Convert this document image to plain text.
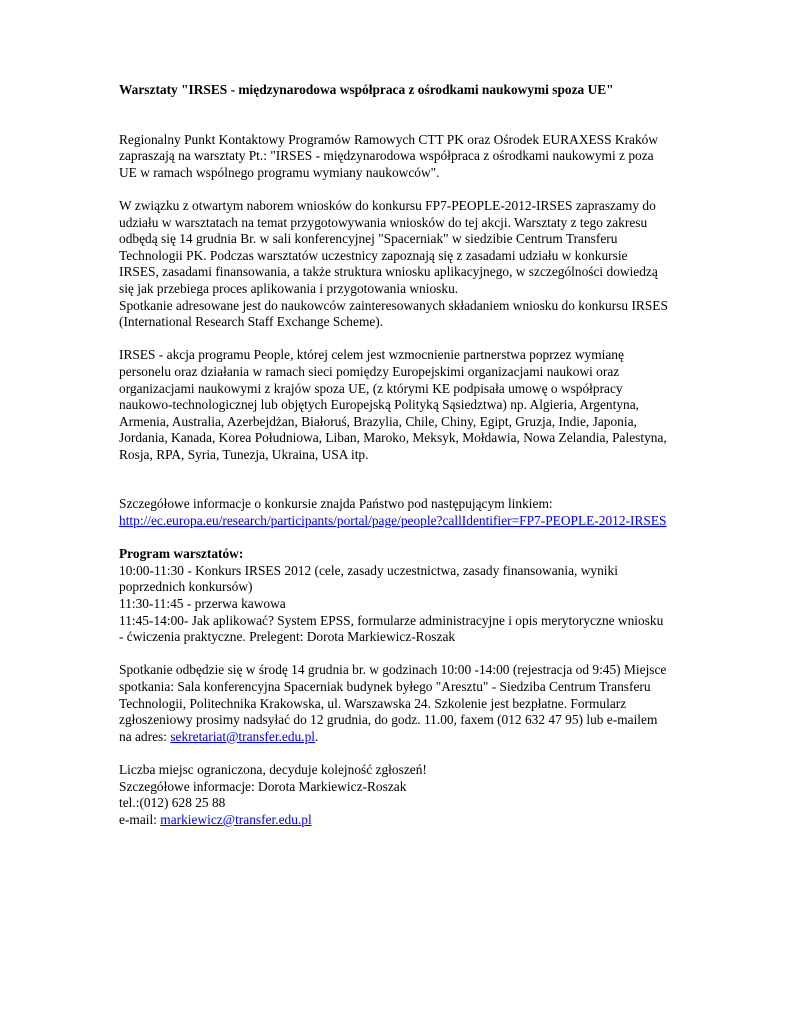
Warsztaty "IRSES - międzynarodowa współpraca z ośrodkami naukowymi spoza UE"

Regionalny Punkt Kontaktowy Programów Ramowych CTT PK oraz Ośrodek EURAXESS Kraków
zapraszają na warsztaty Pt.: "IRSES - międzynarodowa współpraca z ośrodkami naukowymi z poza
UE w ramach wspólnego programu wymiany naukowców".
W związku z otwartym naborem wniosków do konkursu FP7-PEOPLE-2012-IRSES zapraszamy do
udziału w warsztatach na temat przygotowywania wniosków do tej akcji. Warsztaty z tego zakresu
odbędą się 14 grudnia Br. w sali konferencyjnej "Spacerniak" w siedzibie Centrum Transferu
Technologii PK. Podczas warsztatów uczestnicy zapoznają się z zasadami udziału w konkursie
IRSES, zasadami finansowania, a także struktura wniosku aplikacyjnego, w szczególności dowiedzą
się jak przebiega proces aplikowania i przygotowania wniosku.
Spotkanie adresowane jest do naukowców zainteresowanych składaniem wniosku do konkursu IRSES
(International Research Staff Exchange Scheme).
IRSES - akcja programu People, której celem jest wzmocnienie partnerstwa poprzez wymianę
personelu oraz działania w ramach sieci pomiędzy Europejskimi organizacjami naukowi oraz
organizacjami naukowymi z krajów spoza UE, (z którymi KE podpisała umowę o współpracy
naukowo-technologicznej lub objętych Europejską Polityką Sąsiedztwa) np. Algieria, Argentyna,
Armenia, Australia, Azerbejdżan, Białoruś, Brazylia, Chile, Chiny, Egipt, Gruzja, Indie, Japonia,
Jordania, Kanada, Korea Południowa, Liban, Maroko, Meksyk, Mołdawia, Nowa Zelandia, Palestyna,
Rosja, RPA, Syria, Tunezja, Ukraina, USA itp.
Szczegółowe informacje o konkursie znajda Państwo pod następującym linkiem:
http://ec.europa.eu/research/participants/portal/page/people?callIdentifier=FP7-PEOPLE-2012-IRSES
Program warsztatów:
10:00-11:30 - Konkurs IRSES 2012 (cele, zasady uczestnictwa, zasady finansowania, wyniki
poprzednich konkursów)
11:30-11:45 - przerwa kawowa
11:45-14:00- Jak aplikować? System EPSS, formularze administracyjne i opis merytoryczne wniosku
- ćwiczenia praktyczne. Prelegent: Dorota Markiewicz-Roszak
Spotkanie odbędzie się w środę 14 grudnia br. w godzinach 10:00 -14:00 (rejestracja od 9:45) Miejsce
spotkania: Sala konferencyjna Spacerniak budynek byłego "Aresztu" - Siedziba Centrum Transferu
Technologii, Politechnika Krakowska, ul. Warszawska 24. Szkolenie jest bezpłatne. Formularz
zgłoszeniowy prosimy nadsyłać do 12 grudnia, do godz. 11.00, faxem (012 632 47 95) lub e-mailem
na adres: sekretariat@transfer.edu.pl.
Liczba miejsc ograniczona, decyduje kolejność zgłoszeń!
Szczegółowe informacje: Dorota Markiewicz-Roszak
tel.:(012) 628 25 88
e-mail: markiewicz@transfer.edu.pl
